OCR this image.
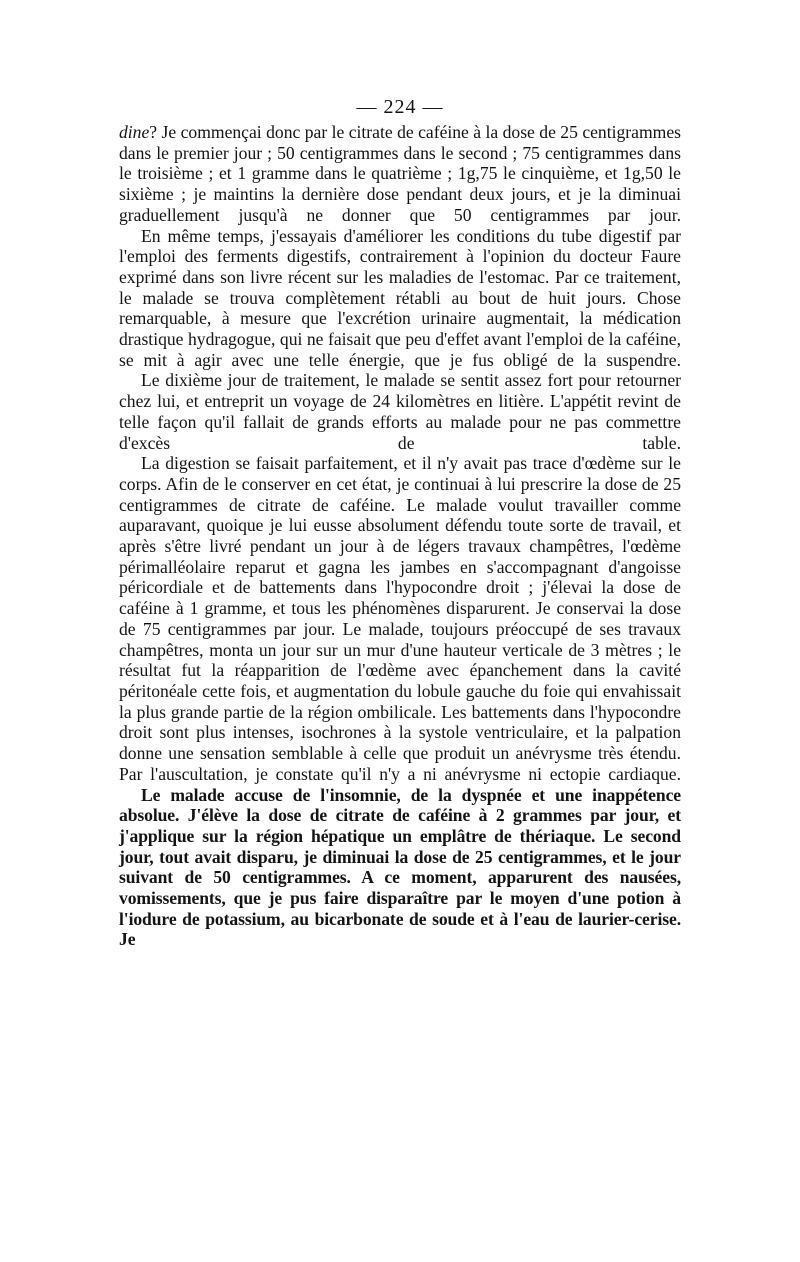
— 224 —

dine? Je commençai donc par le citrate de caféine à la dose de 25 centigrammes dans le premier jour ; 50 centigrammes dans le second ; 75 centigrammes dans le troisième ; et 1 gramme dans le quatrième ; 1g,75 le cinquième, et 1g,50 le sixième ; je maintins la dernière dose pendant deux jours, et je la diminuai graduellement jusqu'à ne donner que 50 centigrammes par jour.

En même temps, j'essayais d'améliorer les conditions du tube digestif par l'emploi des ferments digestifs, contrairement à l'opinion du docteur Faure exprimé dans son livre récent sur les maladies de l'estomac. Par ce traitement, le malade se trouva complètement rétabli au bout de huit jours. Chose remarquable, à mesure que l'excrétion urinaire augmentait, la médication drastique hydragogue, qui ne faisait que peu d'effet avant l'emploi de la caféine, se mit à agir avec une telle énergie, que je fus obligé de la suspendre.

Le dixième jour de traitement, le malade se sentit assez fort pour retourner chez lui, et entreprit un voyage de 24 kilomètres en litière. L'appétit revint de telle façon qu'il fallait de grands efforts au malade pour ne pas commettre d'excès de table.

La digestion se faisait parfaitement, et il n'y avait pas trace d'œdème sur le corps. Afin de le conserver en cet état, je continuai à lui prescrire la dose de 25 centigrammes de citrate de caféine. Le malade voulut travailler comme auparavant, quoique je lui eusse absolument défendu toute sorte de travail, et après s'être livré pendant un jour à de légers travaux champêtres, l'œdème périmalléolaire reparut et gagna les jambes en s'accompagnant d'angoisse péricordiale et de battements dans l'hypocondre droit ; j'élevai la dose de caféine à 1 gramme, et tous les phénomènes disparurent. Je conservai la dose de 75 centigrammes par jour. Le malade, toujours préoccupé de ses travaux champêtres, monta un jour sur un mur d'une hauteur verticale de 3 mètres ; le résultat fut la réapparition de l'œdème avec épanchement dans la cavité péritonéale cette fois, et augmentation du lobule gauche du foie qui envahissait la plus grande partie de la région ombilicale. Les battements dans l'hypocondre droit sont plus intenses, isochrones à la systole ventriculaire, et la palpation donne une sensation semblable à celle que produit un anévrysme très étendu. Par l'auscultation, je constate qu'il n'y a ni anévrysme ni ectopie cardiaque.

Le malade accuse de l'insomnie, de la dyspnée et une inappétence absolue. J'élève la dose de citrate de caféine à 2 grammes par jour, et j'applique sur la région hépatique un emplâtre de thériaque. Le second jour, tout avait disparu, je diminuai la dose de 25 centigrammes, et le jour suivant de 50 centigrammes. A ce moment, apparurent des nausées, vomissements, que je pus faire disparaître par le moyen d'une potion à l'iodure de potassium, au bicarbonate de soude et à l'eau de laurier-cerise. Je
